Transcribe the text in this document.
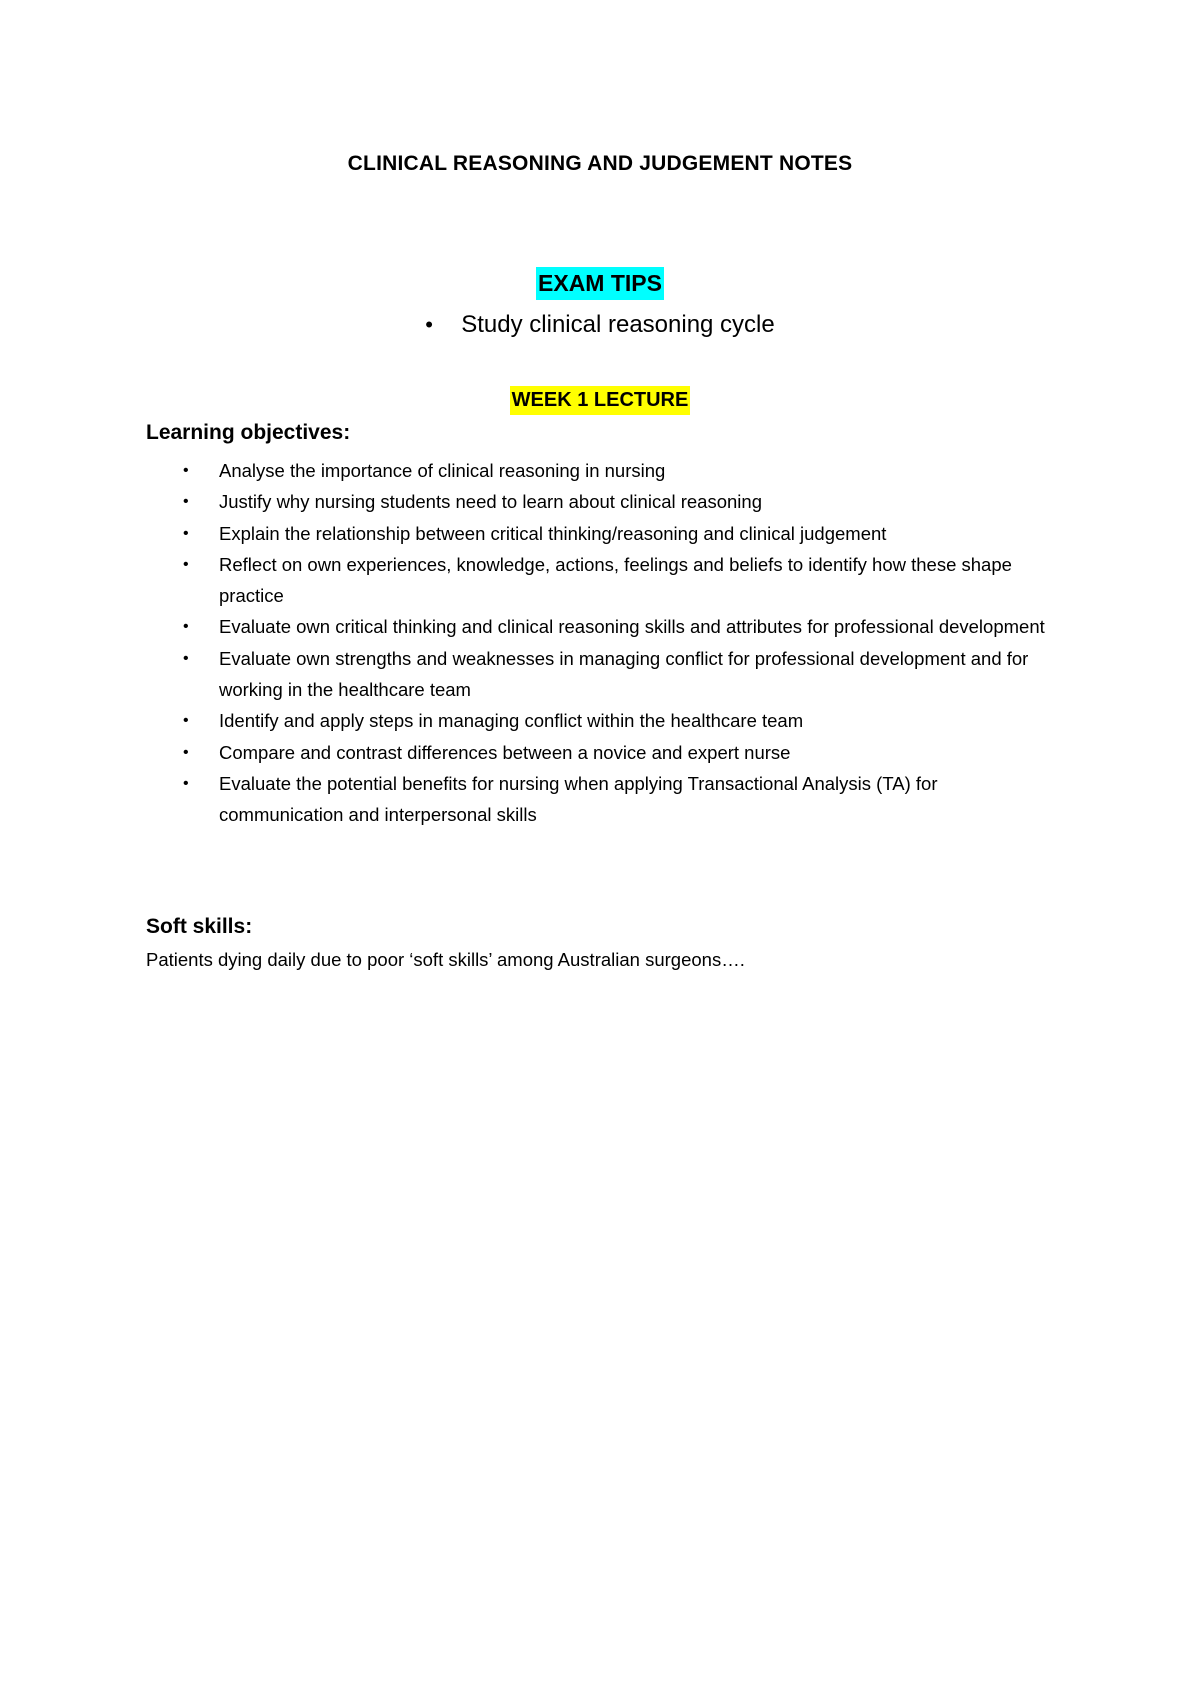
CLINICAL REASONING AND JUDGEMENT NOTES
EXAM TIPS
• Study clinical reasoning cycle
WEEK 1 LECTURE
Learning objectives:
•	Analyse the importance of clinical reasoning in nursing
•	Justify why nursing students need to learn about clinical reasoning
•	Explain the relationship between critical thinking/reasoning and clinical judgement
•	Reflect on own experiences, knowledge, actions, feelings and beliefs to identify how these shape practice
•	Evaluate own critical thinking and clinical reasoning skills and attributes for professional development
•	Evaluate own strengths and weaknesses in managing conflict for professional development and for working in the healthcare team
•	Identify and apply steps in managing conflict within the healthcare team
•	Compare and contrast differences between a novice and expert nurse
•	Evaluate the potential benefits for nursing when applying Transactional Analysis (TA) for communication and interpersonal skills
Soft skills:
Patients dying daily due to poor ‘soft skills’ among Australian surgeons….
